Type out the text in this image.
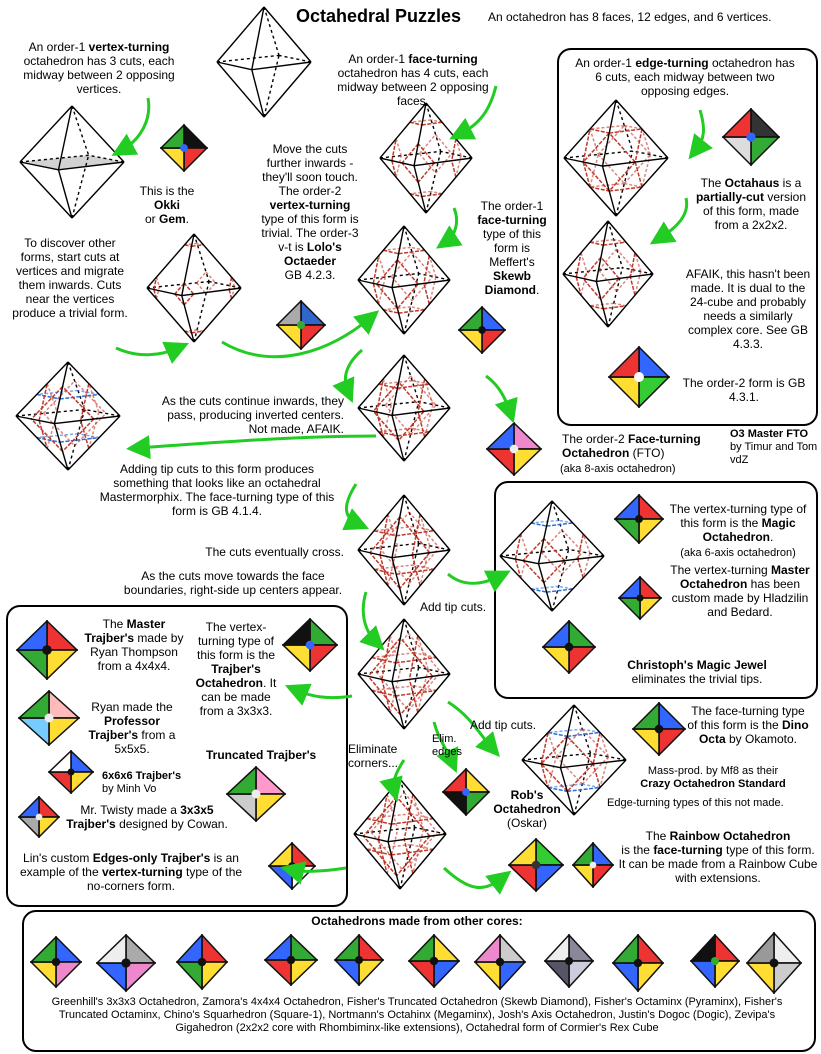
Octahedral Puzzles An octahedron has 8 faces, 12 edges, and 6 vertices.
An order-1 vertex-turning octahedron has 3 cuts, each midway between 2 opposing vertices.
This is the Okki
or Gem.
To discover other forms, start cuts at vertices and migrate them inwards. Cuts near the vertices produce a trivial form.
An order-1 face-turning octahedron has 4 cuts, each midway between 2 opposing faces.
Move the cuts further inwards - they'll soon touch. The order-2 vertex-turning type of this form is trivial. The order-3 v-t is Lolo's Octaeder
GB 4.2.3.
The order-1 face-turning type of this form is Meffert's Skewb Diamond.
As the cuts continue inwards, they pass, producing inverted centers. Not made, AFAIK.
Adding tip cuts to this form produces something that looks like an octahedral Mastermorphix. The face-turning type of this form is GB 4.1.4.
The order-2 Face-turning
Octahedron (FTO)
(aka 8-axis octahedron)
O3 Master FTO
by Timur and Tom vdZ
The cuts eventually cross.
As the cuts move towards the face boundaries, right-side up centers appear.
Add tip cuts.
An order-1 edge-turning octahedron has 6 cuts, each midway between two opposing edges.
The Octahaus is a partially-cut version of this form, made from a 2x2x2.
AFAIK, this hasn't been made. It is dual to the 24-cube and probably needs a similarly complex core. See GB 4.3.3.
The order-2 form is GB 4.3.1.
The vertex-turning type of this form is the Magic Octahedron.
(aka 6-axis octahedron)
The vertex-turning Master Octahedron has been custom made by Hladzilin and Bedard.
Christoph's Magic Jewel
eliminates the trivial tips.
The Master Trajber's made by Ryan Thompson from a 4x4x4.
Ryan made the Professor Trajber's from a 5x5x5.
6x6x6 Trajber's
by Minh Vo
Mr. Twisty made a 3x3x5 Trajber's designed by Cowan.
Lin's custom Edges-only Trajber's is an example of the vertex-turning type of the no-corners form.
The vertex-turning type of this form is the Trajber's Octahedron. It can be made from a 3x3x3.
Truncated Trajber's
Add tip cuts.
The face-turning type of this form is the Dino Octa by Okamoto.
Mass-prod. by Mf8 as their
Crazy Octahedron Standard
Edge-turning types of this not made.
Eliminate corners...
Elim. edges
Rob's Octahedron
(Oskar)
The Rainbow Octahedron
is the face-turning type of this form. It can be made from a Rainbow Cube with extensions.
Octahedrons made from other cores:
Greenhill's 3x3x3 Octahedron, Zamora's 4x4x4 Octahedron, Fisher's Truncated Octahedron (Skewb Diamond), Fisher's Octaminx (Pyraminx), Fisher's Truncated Octaminx, Chino's Squarhedron (Square-1), Nortmann's Octahinx (Megaminx), Josh's Axis Octahedron, Justin's Dogoc (Dogic), Zevipa's Gigahedron (2x2x2 core with Rhombiminx-like extensions), Octahedral form of Cormier's Rex Cube
